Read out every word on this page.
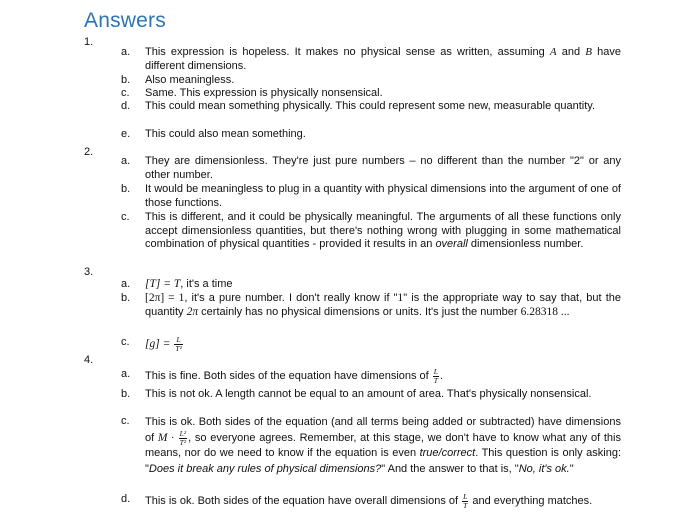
Answers
1.
a.	This expression is hopeless. It makes no physical sense as written, assuming A and B have different dimensions.
b.	Also meaningless.
c.	Same. This expression is physically nonsensical.
d.	This could mean something physically. This could represent some new, measurable quantity.
e.	This could also mean something.
2.
a.	They are dimensionless. They're just pure numbers – no different than the number "2" or any other number.
b.	It would be meaningless to plug in a quantity with physical dimensions into the argument of one of those functions.
c.	This is different, and it could be physically meaningful. The arguments of all these functions only accept dimensionless quantities, but there's nothing wrong with plugging in some mathematical combination of physical quantities - provided it results in an overall dimensionless number.
3.
a.	[T] = T, it's a time
b.	[2π] = 1, it's a pure number. I don't really know if "1" is the appropriate way to say that, but the quantity 2π certainly has no physical dimensions or units. It's just the number 6.28318 ...
c.	$[g] = \frac{L}{\text{T²}}$
4.
a.	This is fine. Both sides of the equation have dimensions of $\frac{L}{T}$ .
b.	This is not ok. A length cannot be equal to an amount of area. That's physically nonsensical.
c.	This is ok. Both sides of the equation (and all terms being added or subtracted) have dimensions of $M \cdot \frac{\text{L²}}{\text{T²}}$ , so everyone agrees. Remember, at this stage, we don't have to know what any of this means, nor do we need to know if the equation is even true/correct. This question is only asking: "Does it break any rules of physical dimensions?" And the answer to that is, "No, it's ok."
d.	This is ok. Both sides of the equation have overall dimensions of $\frac{L}{T}$ and everything matches.
